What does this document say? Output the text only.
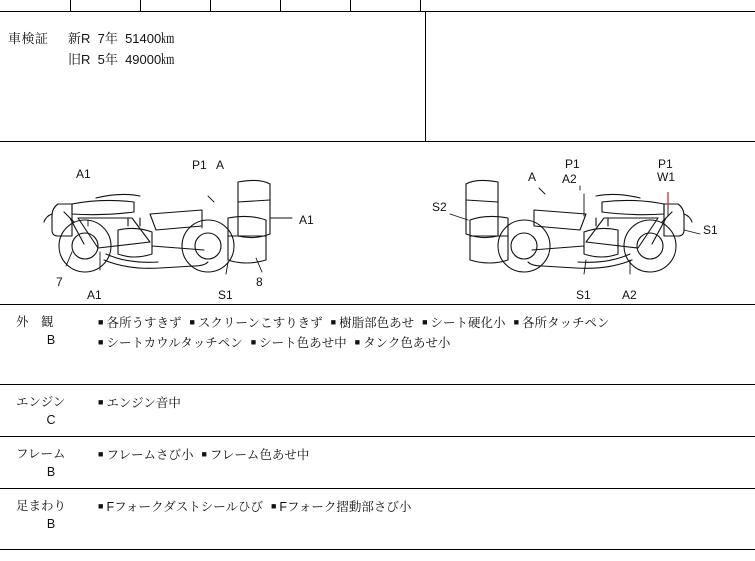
車検証 新R  7年  51400㎞
旧R  5年  49000㎞
A1
P1 A
A1
7
A1	S1
8
P1	P1
A A2	W1
S2
S1
S1	A2
外　観
B
■ 各所うすきず ■ スクリーンこすりきず ■ 樹脂部色あせ ■ シート硬化小 ■ 各所タッチペン■ シートカウルタッチペン ■ シート色あせ中 ■ タンク色あせ小
エンジン
C
■ エンジン音中
フレーム
B
■ フレームさび小 ■ フレーム色あせ中
足まわり
B
■ Fフォークダストシールひび ■ Fフォーク摺動部さび小
